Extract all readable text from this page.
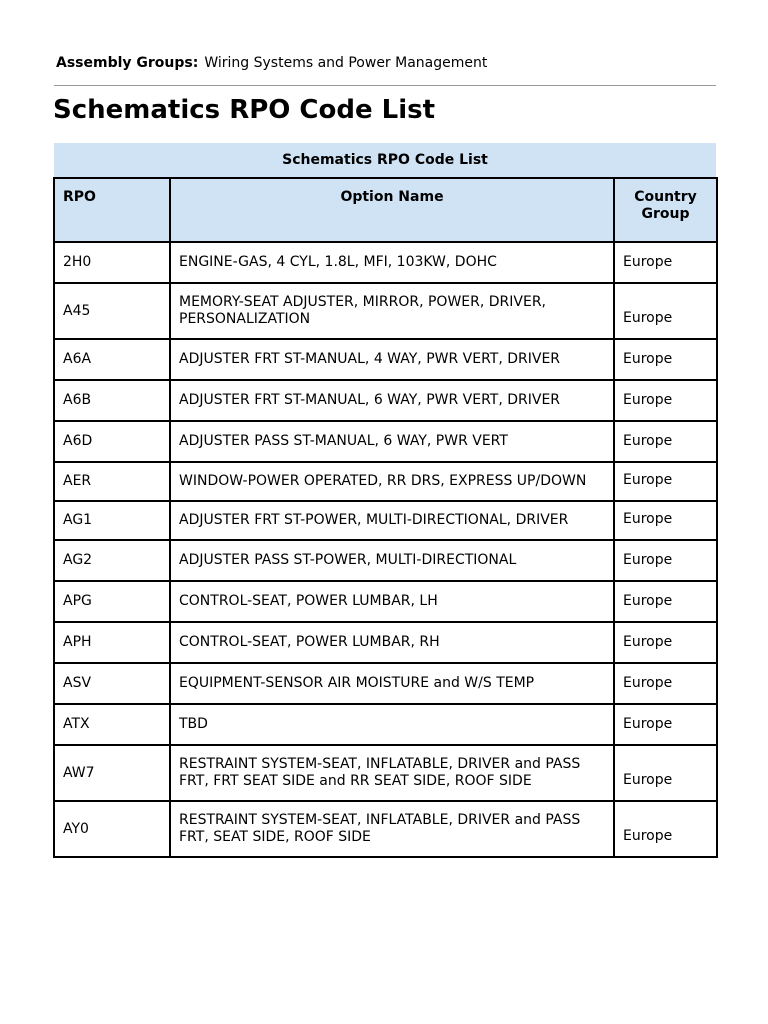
Assembly Groups: Wiring Systems and Power Management
Schematics RPO Code List
Schematics RPO Code List
RPO	Option Name	Country Group
2H0	ENGINE-GAS, 4 CYL, 1.8L, MFI, 103KW, DOHC	Europe
A45	MEMORY-SEAT ADJUSTER, MIRROR, POWER, DRIVER, PERSONALIZATION	Europe
A6A	ADJUSTER FRT ST-MANUAL, 4 WAY, PWR VERT, DRIVER	Europe
A6B	ADJUSTER FRT ST-MANUAL, 6 WAY, PWR VERT, DRIVER	Europe
A6D	ADJUSTER PASS ST-MANUAL, 6 WAY, PWR VERT	Europe
AER	WINDOW-POWER OPERATED, RR DRS, EXPRESS UP/DOWN	Europe
AG1	ADJUSTER FRT ST-POWER, MULTI-DIRECTIONAL, DRIVER	Europe
AG2	ADJUSTER PASS ST-POWER, MULTI-DIRECTIONAL	Europe
APG	CONTROL-SEAT, POWER LUMBAR, LH	Europe
APH	CONTROL-SEAT, POWER LUMBAR, RH	Europe
ASV	EQUIPMENT-SENSOR AIR MOISTURE and W/S TEMP	Europe
ATX	TBD	Europe
AW7	RESTRAINT SYSTEM-SEAT, INFLATABLE, DRIVER and PASS FRT, FRT SEAT SIDE and RR SEAT SIDE, ROOF SIDE	Europe
AY0	RESTRAINT SYSTEM-SEAT, INFLATABLE, DRIVER and PASS FRT, SEAT SIDE, ROOF SIDE	Europe
